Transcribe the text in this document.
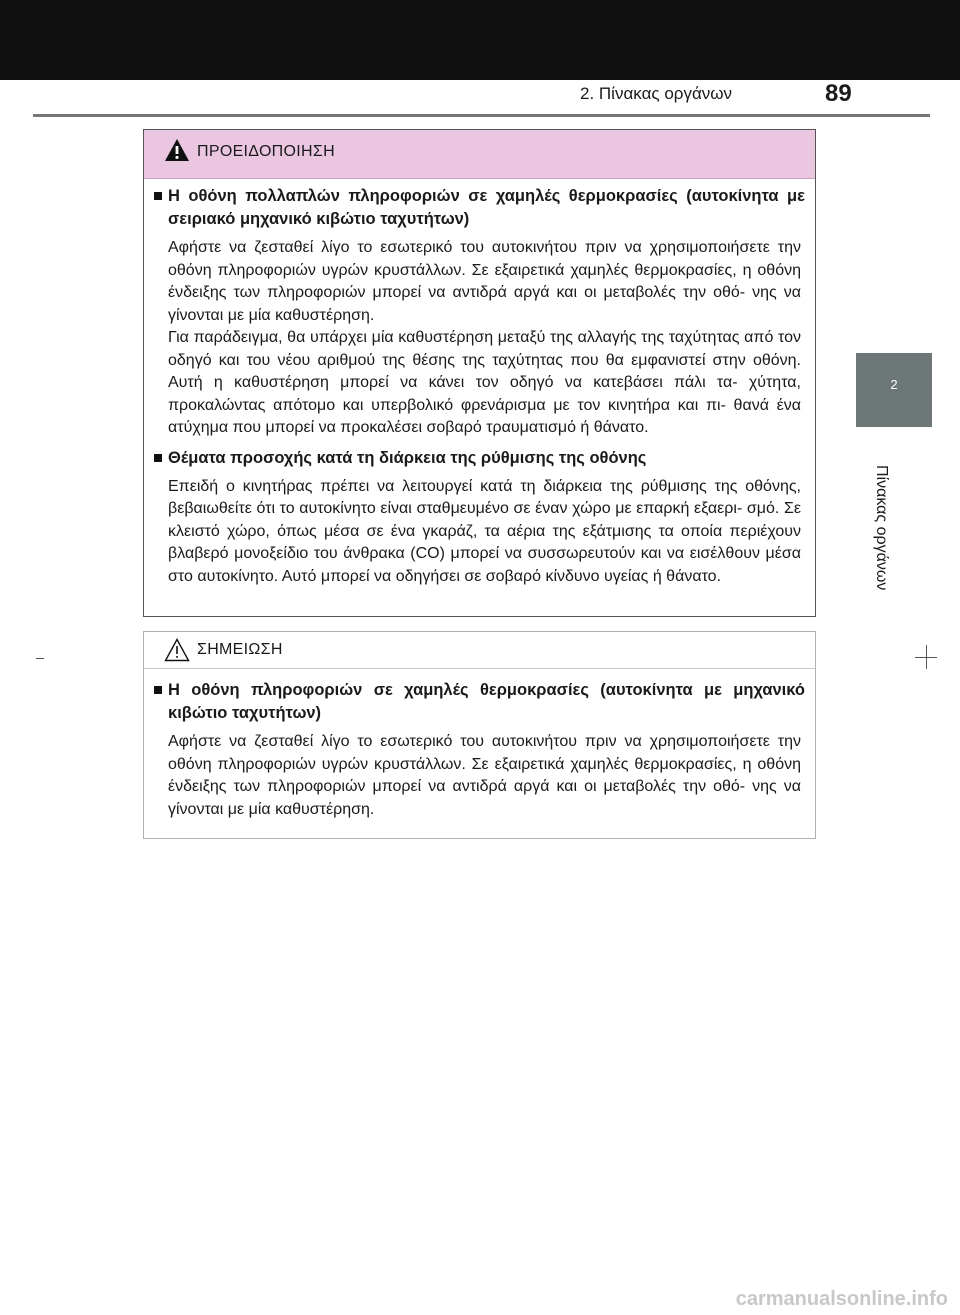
2. Πίνακας οργάνων	89
2
Πίνακας οργάνων
ΠΡΟΕΙΔΟΠΟΙΗΣΗ
Η οθόνη πολλαπλών πληροφοριών σε χαμηλές θερμοκρασίες (αυτοκίνητα με σειριακό μηχανικό κιβώτιο ταχυτήτων)
Αφήστε να ζεσταθεί λίγο το εσωτερικό του αυτοκινήτου πριν να χρησιμοποιήσετε την οθόνη πληροφοριών υγρών κρυστάλλων. Σε εξαιρετικά χαμηλές θερμοκρασίες, η οθόνη ένδειξης των πληροφοριών μπορεί να αντιδρά αργά και οι μεταβολές την οθό- νης να γίνονται με μία καθυστέρηση.
Για παράδειγμα, θα υπάρχει μία καθυστέρηση μεταξύ της αλλαγής της ταχύτητας από τον οδηγό και του νέου αριθμού της θέσης της ταχύτητας που θα εμφανιστεί στην οθόνη. Αυτή η καθυστέρηση μπορεί να κάνει τον οδηγό να κατεβάσει πάλι τα- χύτητα, προκαλώντας απότομο και υπερβολικό φρενάρισμα με τον κινητήρα και πι- θανά ένα ατύχημα που μπορεί να προκαλέσει σοβαρό τραυματισμό ή θάνατο.
Θέματα προσοχής κατά τη διάρκεια της ρύθμισης της οθόνης
Επειδή ο κινητήρας πρέπει να λειτουργεί κατά τη διάρκεια της ρύθμισης της οθόνης, βεβαιωθείτε ότι το αυτοκίνητο είναι σταθμευμένο σε έναν χώρο με επαρκή εξαερι- σμό. Σε κλειστό χώρο, όπως μέσα σε ένα γκαράζ, τα αέρια της εξάτμισης τα οποία περιέχουν βλαβερό μονοξείδιο του άνθρακα (CO) μπορεί να συσσωρευτούν και να εισέλθουν μέσα στο αυτοκίνητο. Αυτό μπορεί να οδηγήσει σε σοβαρό κίνδυνο υγείας ή θάνατο.
ΣΗΜΕΙΩΣΗ
Η οθόνη πληροφοριών σε χαμηλές θερμοκρασίες (αυτοκίνητα με μηχανικό κιβώτιο ταχυτήτων)
Αφήστε να ζεσταθεί λίγο το εσωτερικό του αυτοκινήτου πριν να χρησιμοποιήσετε την οθόνη πληροφοριών υγρών κρυστάλλων. Σε εξαιρετικά χαμηλές θερμοκρασίες, η οθόνη ένδειξης των πληροφοριών μπορεί να αντιδρά αργά και οι μεταβολές την οθό- νης να γίνονται με μία καθυστέρηση.
carmanualsonline.info
